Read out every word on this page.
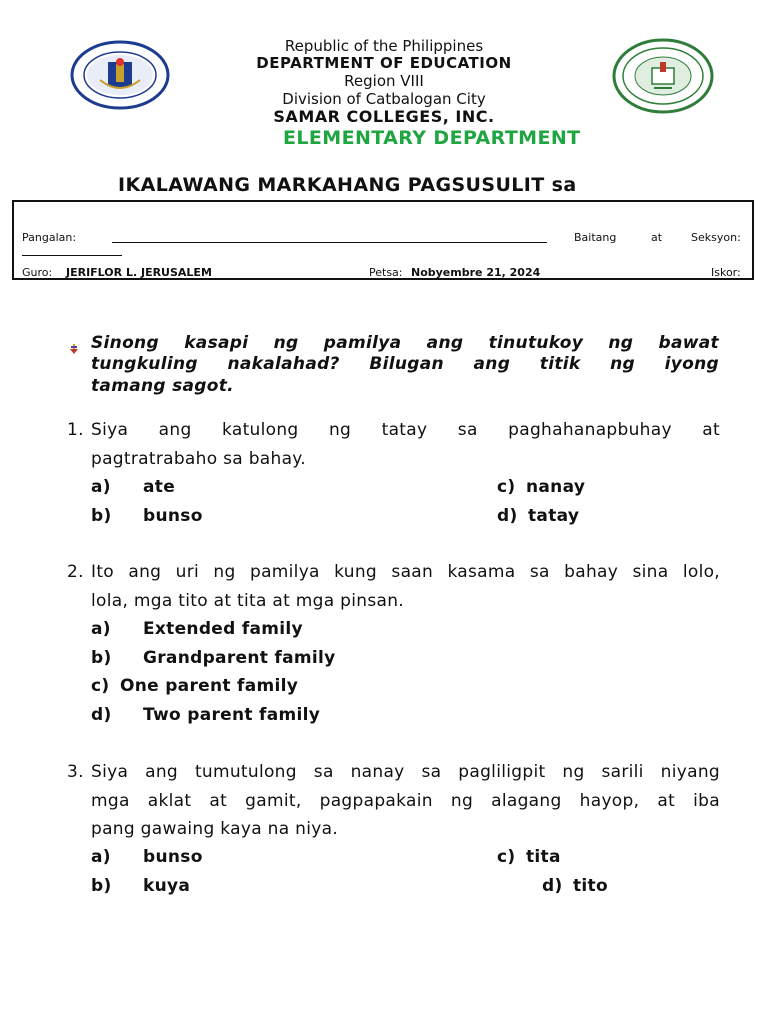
Republic of the Philippines
DEPARTMENT OF EDUCATION
Region VIII
Division of Catbalogan City
SAMAR COLLEGES, INC.
ELEMENTARY DEPARTMENT
IKALAWANG MARKAHANG PAGSUSULIT sa
Pangalan:	Baitang	at	Seksyon:
Guro: JERIFLOR L. JERUSALEM	Petsa: Nobyembre 21, 2024	Iskor:
Sinong kasapi ng pamilya ang tinutukoy ng bawat
tungkuling nakalahad? Bilugan ang titik ng iyong
tamang sagot.
1. Siya ang katulong ng tatay sa paghahanapbuhay at
pagtratrabaho sa bahay.
a) ate
b) bunso
c) nanay
d) tatay
2. Ito ang uri ng pamilya kung saan kasama sa bahay sina lolo,
lola, mga tito at tita at mga pinsan.
a) Extended family
b) Grandparent family
c) One parent family
d) Two parent family
3. Siya ang tumutulong sa nanay sa pagliligpit ng sarili niyang
mga aklat at gamit, pagpapakain ng alagang hayop, at iba
pang gawaing kaya na niya.
a) bunso
b) kuya
c) tita
d) tito
